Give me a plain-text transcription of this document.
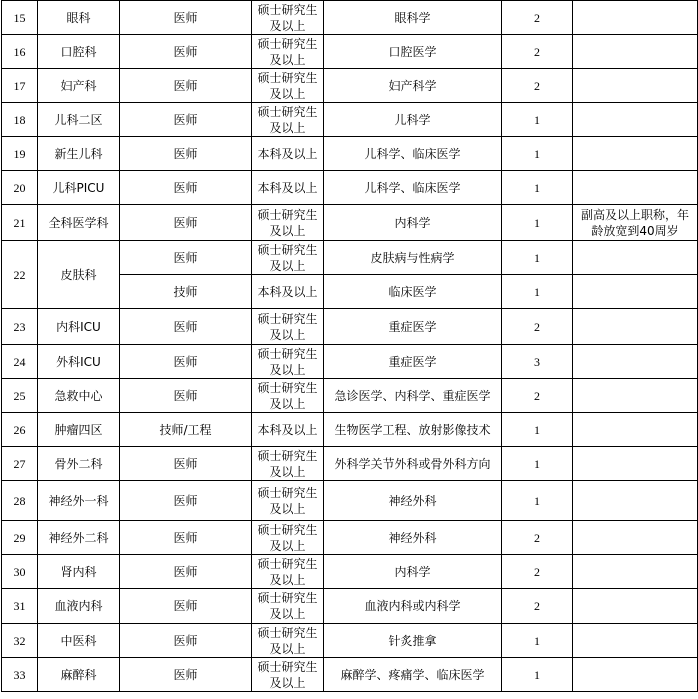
15	眼科	医师	硕士研究生及以上	眼科学	2	
16	口腔科	医师	硕士研究生及以上	口腔医学	2	
17	妇产科	医师	硕士研究生及以上	妇产科学	2	
18	儿科二区	医师	硕士研究生及以上	儿科学	1	
19	新生儿科	医师	本科及以上	儿科学、临床医学	1	
20	儿科PICU	医师	本科及以上	儿科学、临床医学	1	
21	全科医学科	医师	硕士研究生及以上	内科学	1	副高及以上职称，年龄放宽到40周岁
22	皮肤科	医师	硕士研究生及以上	皮肤病与性病学	1	
		技师	本科及以上	临床医学	1	
23	内科ICU	医师	硕士研究生及以上	重症医学	2	
24	外科ICU	医师	硕士研究生及以上	重症医学	3	
25	急救中心	医师	硕士研究生及以上	急诊医学、内科学、重症医学	2	
26	肿瘤四区	技师/工程	本科及以上	生物医学工程、放射影像技术	1	
27	骨外二科	医师	硕士研究生及以上	外科学关节外科或骨外科方向	1	
28	神经外一科	医师	硕士研究生及以上	神经外科	1	
29	神经外二科	医师	硕士研究生及以上	神经外科	2	
30	肾内科	医师	硕士研究生及以上	内科学	2	
31	血液内科	医师	硕士研究生及以上	血液内科或内科学	2	
32	中医科	医师	硕士研究生及以上	针炙推拿	1	
33	麻醉科	医师	硕士研究生及以上	麻醉学、疼痛学、临床医学	1	
